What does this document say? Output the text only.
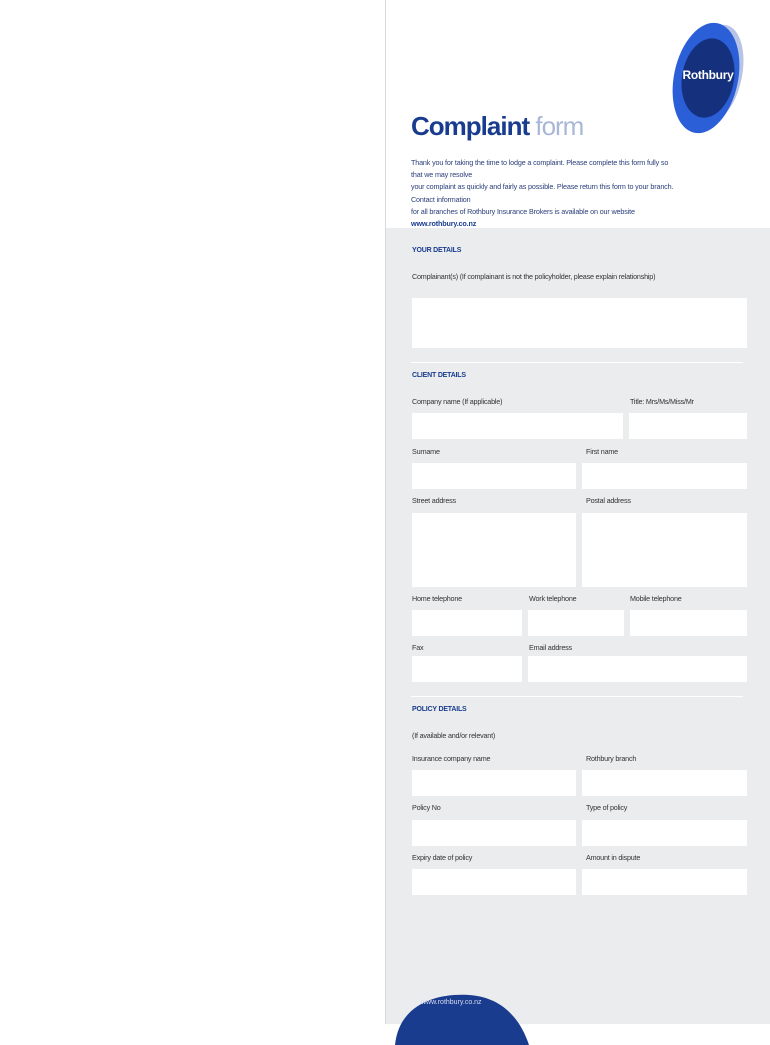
Rothbury
Complaint form
Thank you for taking the time to lodge a complaint. Please complete this form fully so that we may resolve
your complaint as quickly and fairly as possible. Please return this form to your branch. Contact information
for all branches of Rothbury Insurance Brokers is available on our website www.rothbury.co.nz
YOUR DETAILS
Complainant(s) (If complainant is not the policyholder, please explain relationship)
CLIENT DETAILS
Company name (If applicable)	Title: Mrs/Ms/Miss/Mr
Surname	First name
Street address	Postal address
Home telephone	Work telephone	Mobile telephone
Fax	Email address
POLICY DETAILS
(If available and/or relevant)
Insurance company name	Rothbury branch
Policy No	Type of policy
Expiry date of policy	Amount in dispute
www.rothbury.co.nz
